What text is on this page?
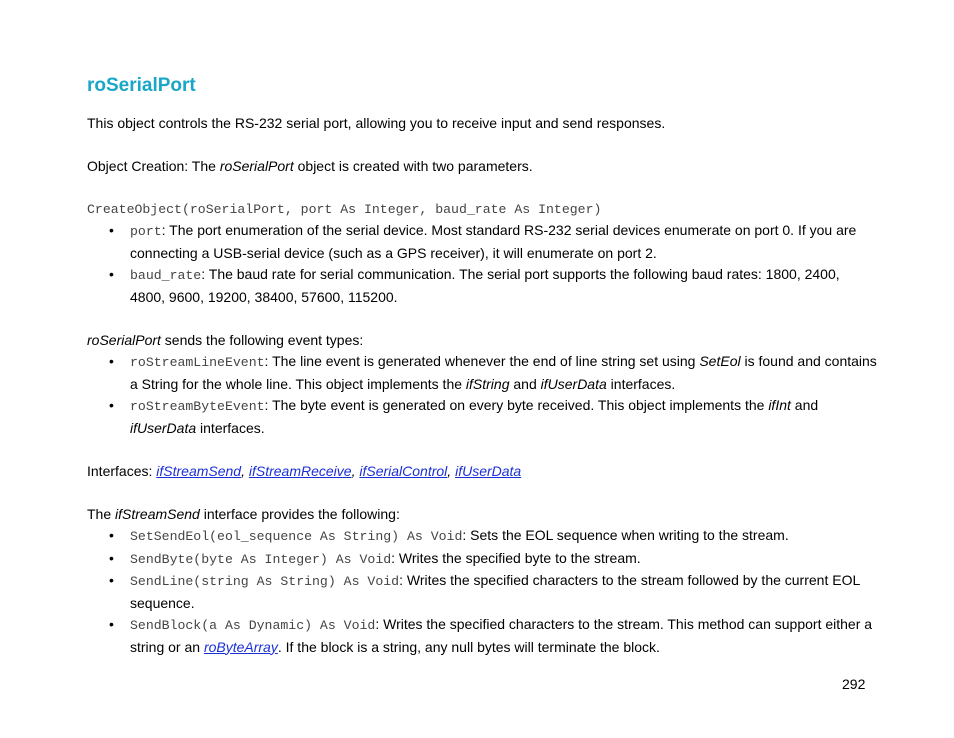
roSerialPort

This object controls the RS-232 serial port, allowing you to receive input and send responses.

Object Creation: The roSerialPort object is created with two parameters.

CreateObject(roSerialPort, port As Integer, baud_rate As Integer)

• port: The port enumeration of the serial device. Most standard RS-232 serial devices enumerate on port 0. If you are connecting a USB-serial device (such as a GPS receiver), it will enumerate on port 2.
• baud_rate: The baud rate for serial communication. The serial port supports the following baud rates: 1800, 2400, 4800, 9600, 19200, 38400, 57600, 115200.

roSerialPort sends the following event types:

• roStreamLineEvent: The line event is generated whenever the end of line string set using SetEol is found and contains a String for the whole line. This object implements the ifString and ifUserData interfaces.
• roStreamByteEvent: The byte event is generated on every byte received. This object implements the ifInt and ifUserData interfaces.

Interfaces: ifStreamSend, ifStreamReceive, ifSerialControl, ifUserData

The ifStreamSend interface provides the following:

• SetSendEol(eol_sequence As String) As Void: Sets the EOL sequence when writing to the stream.
• SendByte(byte As Integer) As Void: Writes the specified byte to the stream.
• SendLine(string As String) As Void: Writes the specified characters to the stream followed by the current EOL sequence.
• SendBlock(a As Dynamic) As Void: Writes the specified characters to the stream. This method can support either a string or an roByteArray. If the block is a string, any null bytes will terminate the block.
292
